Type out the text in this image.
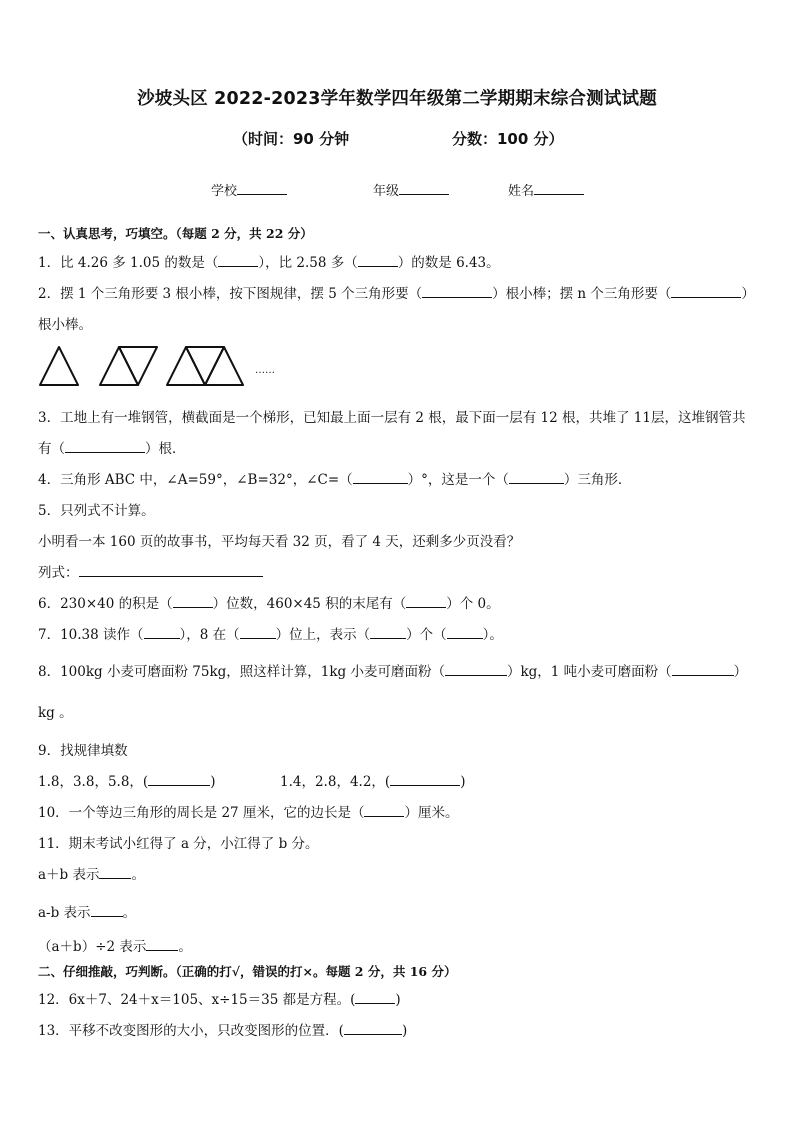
沙坡头区 2022-2023学年数学四年级第二学期期末综合测试试题
（时间：90 分钟	分数：100 分）
学校	年级	姓名
一、认真思考，巧填空。（每题 2 分，共 22 分）
1．比 4.26 多 1.05 的数是（	），比 2.58 多（	）的数是 6.43。
2．摆 1 个三角形要 3 根小棒，按下图规律，摆 5 个三角形要（	）根小棒；摆 n 个三角形要（	）
根小棒。
……
3．工地上有一堆钢管，横截面是一个梯形，已知最上面一层有 2 根，最下面一层有 12 根，共堆了 11层，这堆钢管共
有（	）根．
4．三角形 ABC 中，∠A=59°，∠B=32°，∠C=（	）°，这是一个（	）三角形．
5．只列式不计算。
小明看一本 160 页的故事书，平均每天看 32 页，看了 4 天，还剩多少页没看？
列式：
6．230×40 的积是（	）位数，460×45 积的末尾有（	）个 0。
7．10.38 读作（	），8 在（	）位上，表示（	）个（	）。
8．100kg 小麦可磨面粉 75kg，照这样计算，1kg 小麦可磨面粉（	）kg，1 吨小麦可磨面粉（	）
kg 。
9．找规律填数
1.8，3.8，5.8，(	)	1.4，2.8，4.2，(	)
10．一个等边三角形的周长是 27 厘米，它的边长是（	）厘米。
11．期末考试小红得了 a 分，小江得了 b 分。
a＋b 表示 。
a-b 表示 。
（a＋b）÷2 表示 。
二、仔细推敲，巧判断。（正确的打√，错误的打×。每题 2 分，共 16 分）
12．6x＋7、24＋x＝105、x÷15＝35 都是方程。(	)
13．平移不改变图形的大小，只改变图形的位置．(	)
